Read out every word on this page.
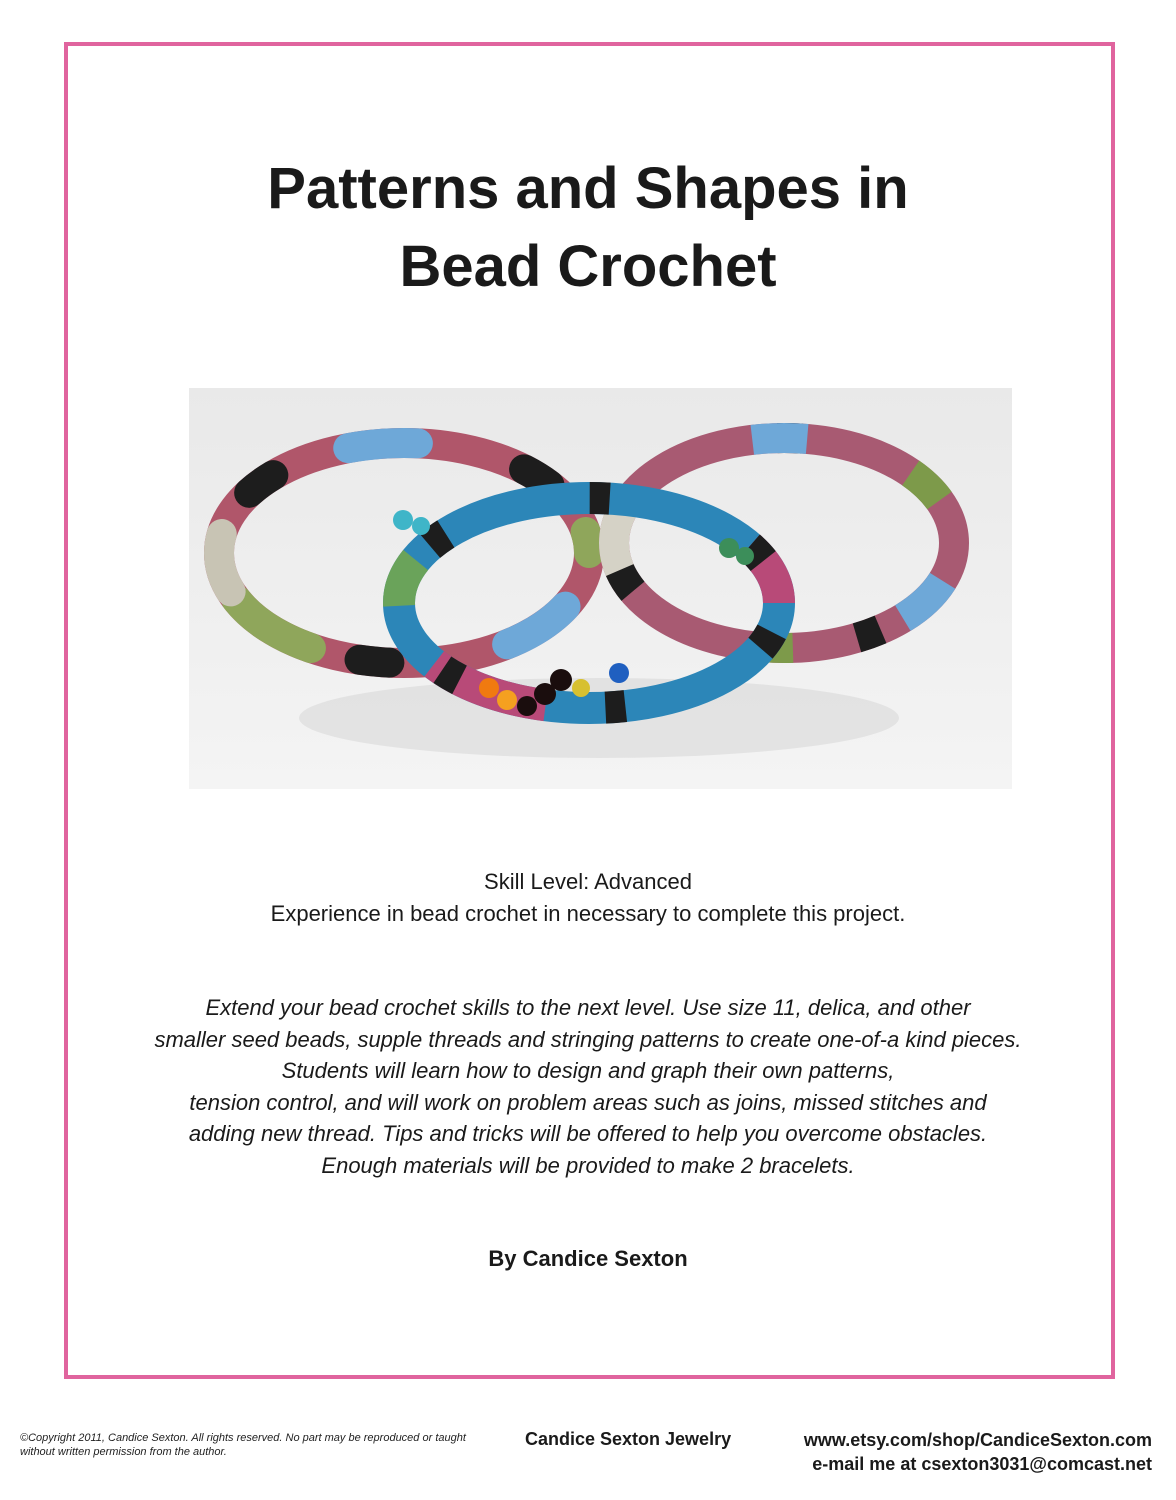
Patterns and Shapes in
Bead Crochet
Skill Level: Advanced
Experience in bead crochet in necessary to complete this project.
Extend your bead crochet skills to the next level. Use size 11, delica, and other
smaller seed beads, supple threads and stringing patterns to create one-of-a kind pieces.
Students will learn how to design and graph their own patterns,
tension control, and will work on problem areas such as joins, missed stitches and
adding new thread. Tips and tricks will be offered to help you overcome obstacles.
Enough materials will be provided to make 2 bracelets.
By Candice Sexton
©Copyright 2011, Candice Sexton. All rights reserved. No part may be reproduced or taught without written permission from the author.
Candice Sexton Jewelry	www.etsy.com/shop/CandiceSexton.com
e-mail me at csexton3031@comcast.net
